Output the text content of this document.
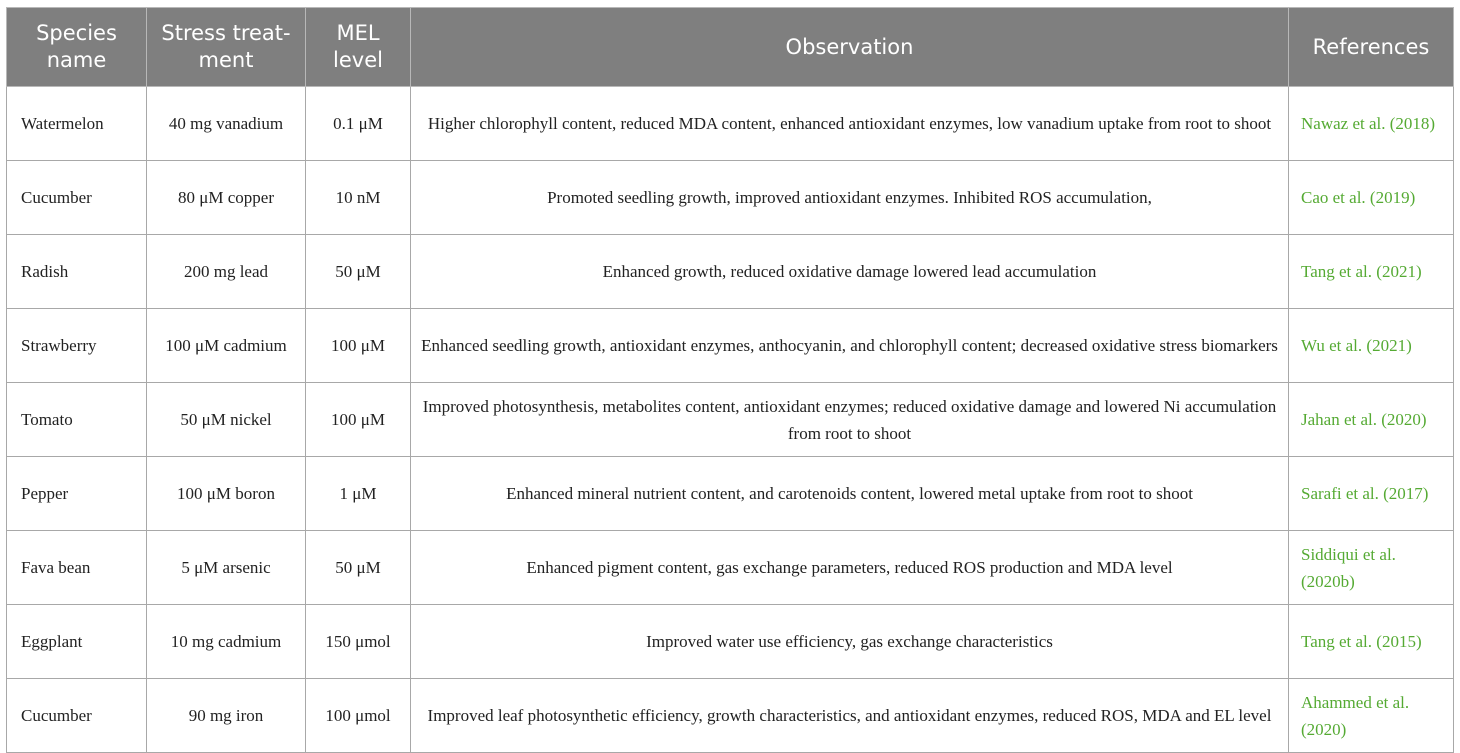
Species name	Stress treat-ment	MEL level	Observation	References
Watermelon	40 mg vanadium	0.1 μM	Higher chlorophyll content, reduced MDA content, enhanced antioxidant enzymes, low vanadium uptake from root to shoot	Nawaz et al. (2018)
Cucumber	80 μM copper	10 nM	Promoted seedling growth, improved antioxidant enzymes. Inhibited ROS accumulation,	Cao et al. (2019)
Radish	200 mg lead	50 μM	Enhanced growth, reduced oxidative damage lowered lead accumulation	Tang et al. (2021)
Strawberry	100 μM cadmium	100 μM	Enhanced seedling growth, antioxidant enzymes, anthocyanin, and chlorophyll content; decreased oxidative stress biomarkers	Wu et al. (2021)
Tomato	50 μM nickel	100 μM	Improved photosynthesis, metabolites content, antioxidant enzymes; reduced oxidative damage and lowered Ni accumulation from root to shoot	Jahan et al. (2020)
Pepper	100 μM boron	1 μM	Enhanced mineral nutrient content, and carotenoids content, lowered metal uptake from root to shoot	Sarafi et al. (2017)
Fava bean	5 μM arsenic	50 μM	Enhanced pigment content, gas exchange parameters, reduced ROS production and MDA level	Siddiqui et al. (2020b)
Eggplant	10 mg cadmium	150 μmol	Improved water use efficiency, gas exchange characteristics	Tang et al. (2015)
Cucumber	90 mg iron	100 μmol	Improved leaf photosynthetic efficiency, growth characteristics, and antioxidant enzymes, reduced ROS, MDA and EL level	Ahammed et al. (2020)
